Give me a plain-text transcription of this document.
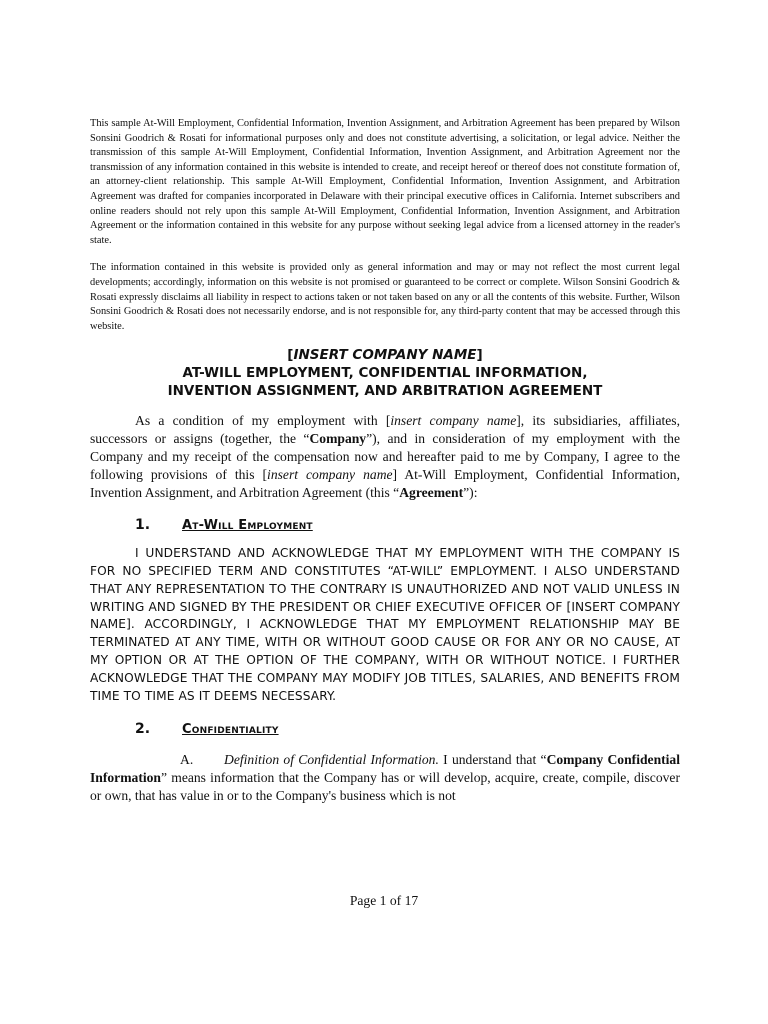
This sample At-Will Employment, Confidential Information, Invention Assignment, and Arbitration Agreement has been prepared by Wilson Sonsini Goodrich & Rosati for informational purposes only and does not constitute advertising, a solicitation, or legal advice. Neither the transmission of this sample At-Will Employment, Confidential Information, Invention Assignment, and Arbitration Agreement nor the transmission of any information contained in this website is intended to create, and receipt hereof or thereof does not constitute formation of, an attorney-client relationship. This sample At-Will Employment, Confidential Information, Invention Assignment, and Arbitration Agreement was drafted for companies incorporated in Delaware with their principal executive offices in California. Internet subscribers and online readers should not rely upon this sample At-Will Employment, Confidential Information, Invention Assignment, and Arbitration Agreement or the information contained in this website for any purpose without seeking legal advice from a licensed attorney in the reader's state.

The information contained in this website is provided only as general information and may or may not reflect the most current legal developments; accordingly, information on this website is not promised or guaranteed to be correct or complete. Wilson Sonsini Goodrich & Rosati expressly disclaims all liability in respect to actions taken or not taken based on any or all the contents of this website. Further, Wilson Sonsini Goodrich & Rosati does not necessarily endorse, and is not responsible for, any third-party content that may be accessed through this website.

[INSERT COMPANY NAME]
AT-WILL EMPLOYMENT, CONFIDENTIAL INFORMATION,
INVENTION ASSIGNMENT, AND ARBITRATION AGREEMENT

As a condition of my employment with [insert company name], its subsidiaries, affiliates, successors or assigns (together, the “Company”), and in consideration of my employment with the Company and my receipt of the compensation now and hereafter paid to me by Company, I agree to the following provisions of this [insert company name] At-Will Employment, Confidential Information, Invention Assignment, and Arbitration Agreement (this “Agreement”):

1.	At-Will Employment

I UNDERSTAND AND ACKNOWLEDGE THAT MY EMPLOYMENT WITH THE COMPANY IS FOR NO SPECIFIED TERM AND CONSTITUTES “AT-WILL” EMPLOYMENT. I ALSO UNDERSTAND THAT ANY REPRESENTATION TO THE CONTRARY IS UNAUTHORIZED AND NOT VALID UNLESS IN WRITING AND SIGNED BY THE PRESIDENT OR CHIEF EXECUTIVE OFFICER OF [INSERT COMPANY NAME]. ACCORDINGLY, I ACKNOWLEDGE THAT MY EMPLOYMENT RELATIONSHIP MAY BE TERMINATED AT ANY TIME, WITH OR WITHOUT GOOD CAUSE OR FOR ANY OR NO CAUSE, AT MY OPTION OR AT THE OPTION OF THE COMPANY, WITH OR WITHOUT NOTICE. I FURTHER ACKNOWLEDGE THAT THE COMPANY MAY MODIFY JOB TITLES, SALARIES, AND BENEFITS FROM TIME TO TIME AS IT DEEMS NECESSARY.

2.	Confidentiality

A. Definition of Confidential Information. I understand that “Company Confidential Information” means information that the Company has or will develop, acquire, create, compile, discover or own, that has value in or to the Company's business which is not

Page 1 of 17
